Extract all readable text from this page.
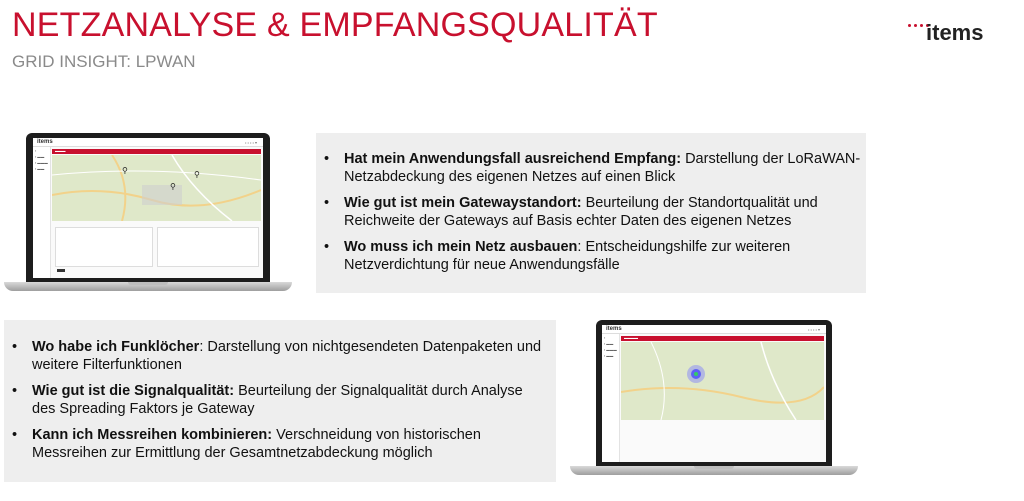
NETZANALYSE & EMPFANGSQUALITÄT
GRID INSIGHT: LPWAN
items
items	• • • • ▾
▪
▪ ▬▬
▪ ▬▬▬
▪ ▬▬
▬▬▬
⚲
⚲
⚲
• Hat mein Anwendungsfall ausreichend Empfang: Darstellung der LoRaWAN-Netzabdeckung des eigenen Netzes auf einen Blick
• Wie gut ist mein Gatewaystandort: Beurteilung der Standortqualität und Reichweite der Gateways auf Basis echter Daten des eigenen Netzes
• Wo muss ich mein Netz ausbauen: Entscheidungshilfe zur weiteren Netzverdichtung für neue Anwendungsfälle
• Wo habe ich Funklöcher: Darstellung von nichtgesendeten Datenpaketen und weitere Filterfunktionen
• Wie gut ist die Signalqualität: Beurteilung der Signalqualität durch Analyse des Spreading Faktors je Gateway
• Kann ich Messreihen kombinieren: Verschneidung von historischen Messreihen zur Ermittlung der Gesamtnetzabdeckung möglich
items	• • • • ▾
▪
▪ ▬▬
▪ ▬▬▬
▪ ▬▬
▬▬▬▬
